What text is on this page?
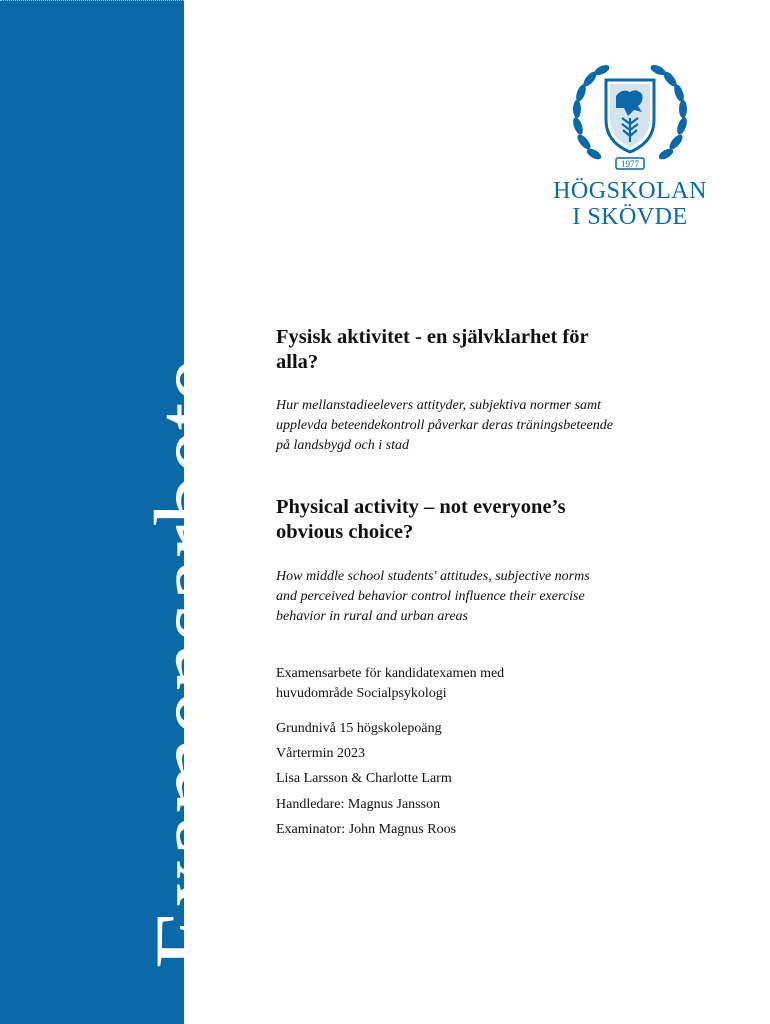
Examensarbete
1977
HÖGSKOLAN
I SKÖVDE

Fysisk aktivitet - en självklarhet för

alla?

Hur mellanstadieelevers attityder, subjektiva normer samt

upplevda beteendekontroll påverkar deras träningsbeteende

på landsbygd och i stad

Physical activity – not everyone’s

obvious choice?

How middle school students' attitudes, subjective norms

and perceived behavior control influence their exercise

behavior in rural and urban areas

Examensarbete för kandidatexamen med

huvudområde Socialpsykologi

Grundnivå 15 högskolepoäng

Vårtermin 2023

Lisa Larsson & Charlotte Larm

Handledare: Magnus Jansson

Examinator: John Magnus Roos
